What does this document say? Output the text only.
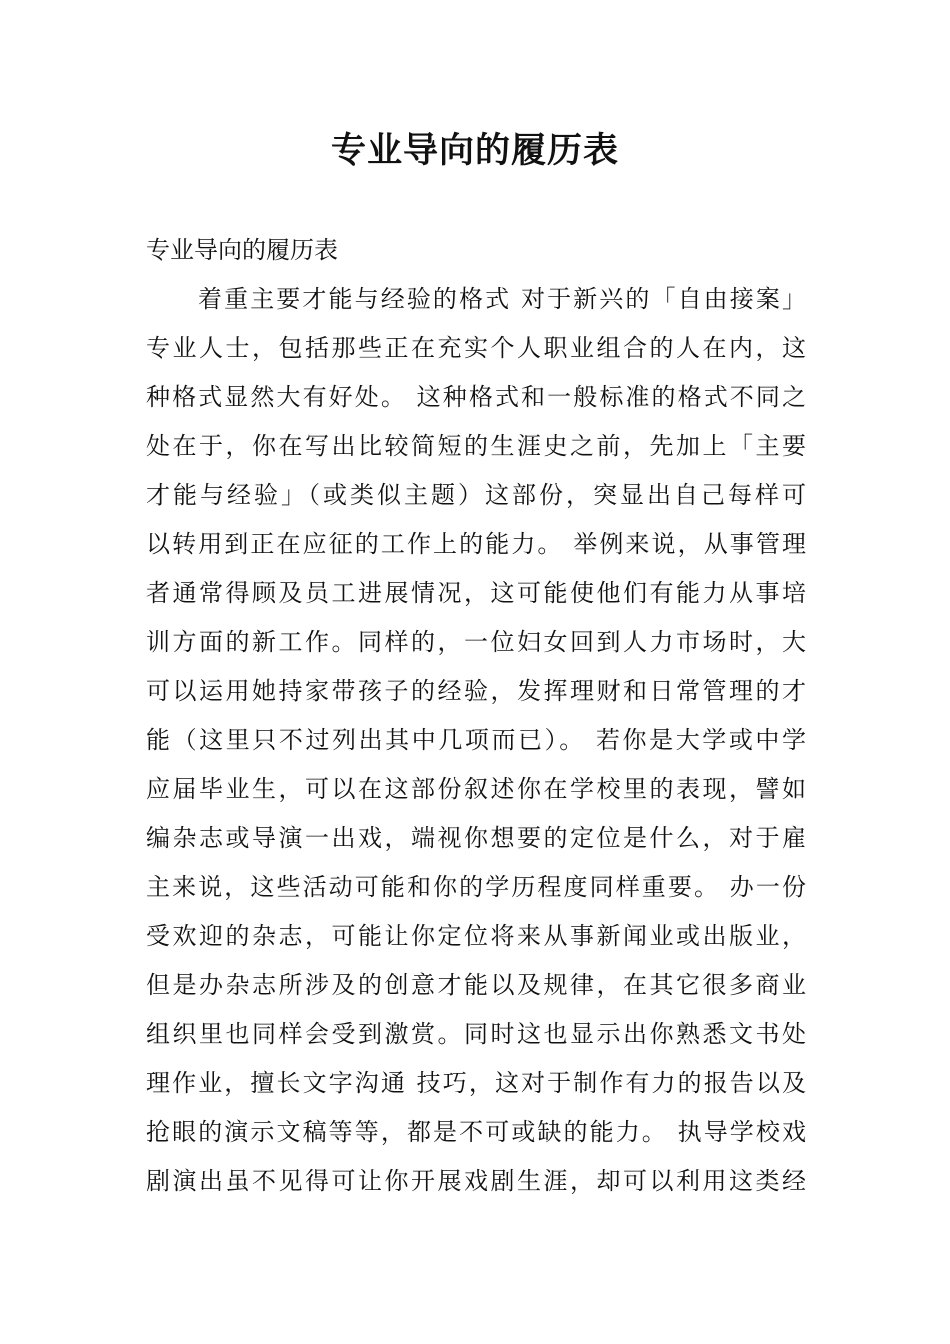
专业导向的履历表
专业导向的履历表
着重主要才能与经验的格式 对于新兴的「自由接案」
专业人士，包括那些正在充实个人职业组合的人在内，这
种格式显然大有好处。 这种格式和一般标准的格式不同之
处在于，你在写出比较简短的生涯史之前，先加上「主要
才能与经验」（或类似主题）这部份，突显出自己每样可
以转用到正在应征的工作上的能力。 举例来说，从事管理
者通常得顾及员工进展情况，这可能使他们有能力从事培
训方面的新工作。同样的，一位妇女回到人力市场时，大
可以运用她持家带孩子的经验，发挥理财和日常管理的才
能（这里只不过列出其中几项而已）。 若你是大学或中学
应届毕业生，可以在这部份叙述你在学校里的表现，譬如
编杂志或导演一出戏，端视你想要的定位是什么，对于雇
主来说，这些活动可能和你的学历程度同样重要。 办一份
受欢迎的杂志，可能让你定位将来从事新闻业或出版业，
但是办杂志所涉及的创意才能以及规律，在其它很多商业
组织里也同样会受到激赏。同时这也显示出你熟悉文书处
理作业，擅长文字沟通 技巧，这对于制作有力的报告以及
抢眼的演示文稿等等，都是不可或缺的能力。 执导学校戏
剧演出虽不见得可让你开展戏剧生涯，却可以利用这类经
